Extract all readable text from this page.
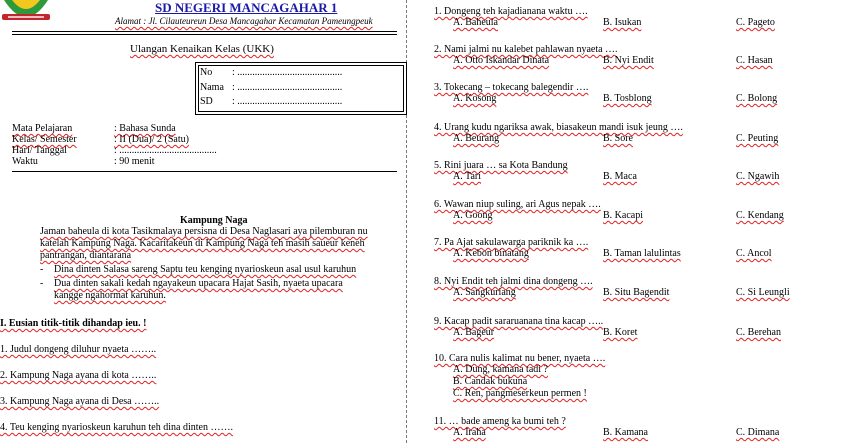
SD NEGERI MANCAGAHAR 1
Alamat : Jl. Cilauteureun Desa Mancagahar Kecamatan Pameungpeuk
Ulangan Kenaikan Kelas (UKK)
No : ..........................................
Nama : ..........................................
SD : ..........................................
Mata Pelajaran	: Bahasa Sunda
Kelas/ Semester	: II (Dua)/ 2 (Satu)
Hari/ Tanggal	: .......................................
Waktu	: 90 menit
Kampung Naga
Jaman baheula di kota Tasikmalaya persisna di Desa Naglasari aya pilemburan nu
katelah Kampung Naga. Kacaritakeun di Kampung Naga teh masih saueur keneh
pantrangan, diantarana
- Dina dinten Salasa sareng Saptu teu kenging nyarioskeun asal usul karuhun
- Dua dinten sakali kedah ngayakeun upacara Hajat Sasih, nyaeta upacara
kangge ngahormat karuhun.
I. Eusian titik-titik dihandap ieu. !
1. Judul dongeng diluhur nyaeta ……..
2. Kampung Naga ayana di kota ……..
3. Kampung Naga ayana di Desa ……..
4. Teu kenging nyarioskeun karuhun teh dina dinten …….
1. Dongeng teh kajadianana waktu ….
A. Baheula	B. Isukan	C. Pageto
2. Nami jalmi nu kalebet pahlawan nyaeta ….
A. Otto Iskandar Dinata	B. Nyi Endit	C. Hasan
3. Tokecang – tokecang balegendir ….
A. Kosong	B. Tosblong	C. Bolong
4. Urang kudu ngariksa awak, biasakeun mandi isuk jeung ….
A. Beurang	B. Sore	C. Peuting
5. Rini juara … sa Kota Bandung
A. Tari	B. Maca	C. Ngawih
6. Wawan niup suling, ari Agus nepak ….
A. Goong	B. Kacapi	C. Kendang
7. Pa Ajat sakulawarga pariknik ka ….
A. Kebon binatang	B. Taman lalulintas	C. Ancol
8. Nyi Endit teh jalmi dina dongeng ….
A. Sangkuriang	B. Situ Bagendit	C. Si Leungli
9. Kacap padit sararuanana tina kacap …..
A. Bageur	B. Koret	C. Berehan
10. Cara nulis kalimat nu bener, nyaeta ….
A. Dung, kamana tadi ?
B. Candak bukuna
C. Ren, pangmeserkeun permen !
11. … bade ameng ka bumi teh ?
A. Iraha	B. Kamana	C. Dimana
